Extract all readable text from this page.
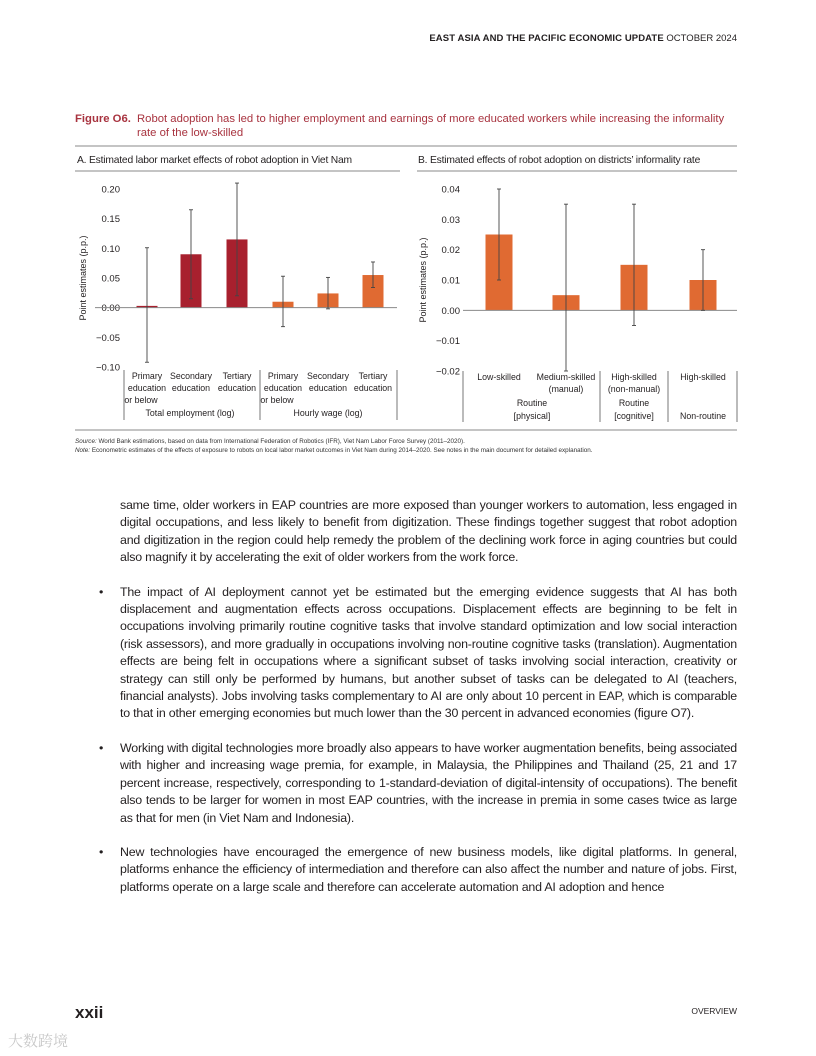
EAST ASIA AND THE PACIFIC ECONOMIC UPDATE OCTOBER 2024
Figure O6. Robot adoption has led to higher employment and earnings of more educated workers while increasing the informality rate of the low-skilled
A. Estimated labor market effects of robot adoption in Viet Nam	B. Estimated effects of robot adoption on districts’ informality rate
0.20
0.15
0.10
0.05
0.00
−0.05
−0.10
Point estimates (p.p.)
Primary
education
or below
Secondary
education
Tertiary
education
Primary
education
or below
Secondary
education
Tertiary
education
Total employment (log)	Hourly wage (log)
0.04
0.03
0.02
0.01
0.00
−0.01
−0.02
Point estimates (p.p.)
Low-skilled Medium-skilled
(manual)
High-skilled
(non-manual)
High-skilled
Routine
[physical]
Routine
[cognitive]	Non-routine
Source: World Bank estimations, based on data from International Federation of Robotics (IFR), Viet Nam Labor Force Survey (2011–2020).
Note: Econometric estimates of the effects of exposure to robots on local labor market outcomes in Viet Nam during 2014–2020. See notes in the main document for detailed explanation.

same time, older workers in EAP countries are more exposed than younger workers to automation, less engaged in digital occupations, and less likely to benefit from digitization. These findings together suggest that robot adoption and digitization in the region could help remedy the problem of the declining work force in aging countries but could also magnify it by accelerating the exit of older workers from the work force.

• The impact of AI deployment cannot yet be estimated but the emerging evidence suggests that AI has both displacement and augmentation effects across occupations. Displacement effects are beginning to be felt in occupations involving primarily routine cognitive tasks that involve standard optimization and low social interaction (risk assessors), and more gradually in occupations involving non-routine cognitive tasks (translation). Augmentation effects are being felt in occupations where a significant subset of tasks involving social interaction, creativity or strategy can still only be performed by humans, but another subset of tasks can be delegated to AI (teachers, financial analysts). Jobs involving tasks complementary to AI are only about 10 percent in EAP, which is comparable to that in other emerging economies but much lower than the 30 percent in advanced economies (figure O7).

• Working with digital technologies more broadly also appears to have worker augmentation benefits, being associated with higher and increasing wage premia, for example, in Malaysia, the Philippines and Thailand (25, 21 and 17 percent increase, respectively, corresponding to 1-standard-deviation of digital-intensity of occupations). The benefit also tends to be larger for women in most EAP countries, with the increase in premia in some cases twice as large as that for men (in Viet Nam and Indonesia).

• New technologies have encouraged the emergence of new business models, like digital platforms. In general, platforms enhance the efficiency of intermediation and therefore can also affect the number and nature of jobs. First, platforms operate on a large scale and therefore can accelerate automation and AI adoption and hence

xxii	OVERVIEW
大数跨境
